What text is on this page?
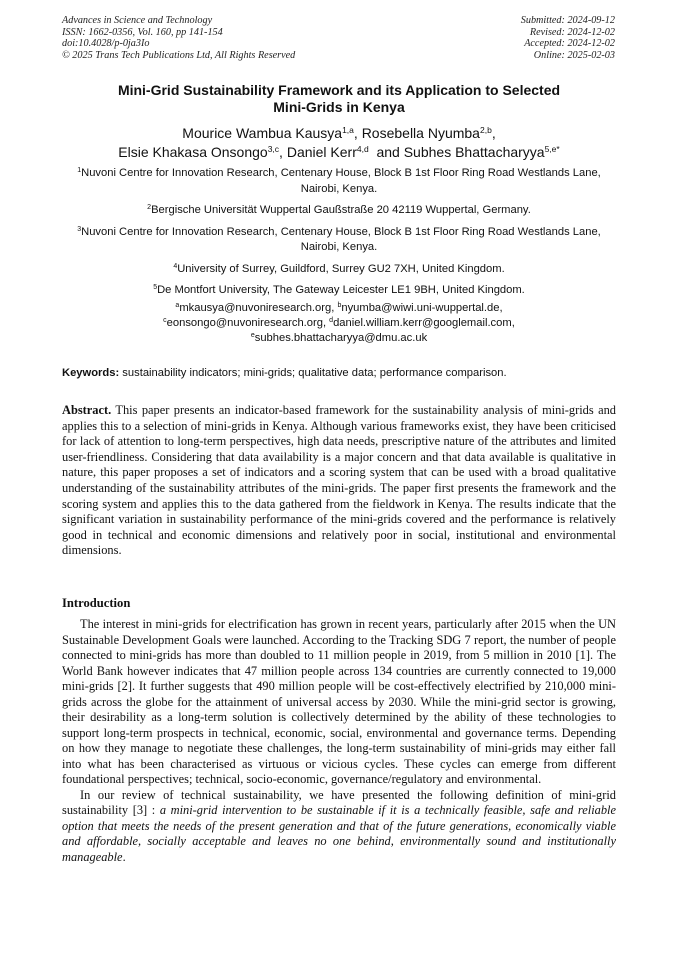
Advances in Science and Technology
ISSN: 1662-0356, Vol. 160, pp 141-154
doi:10.4028/p-0ja3Io
© 2025 Trans Tech Publications Ltd, All Rights Reserved
Submitted: 2024-09-12
Revised: 2024-12-02
Accepted: 2024-12-02
Online: 2025-02-03
Mini-Grid Sustainability Framework and its Application to Selected
Mini-Grids in Kenya
Mourice Wambua Kausya$^{1,a}$, Rosebella Nyumba$^{2,b}$,
Elsie Khakasa Onsongo$^{3,c}$, Daniel Kerr$^{4,d}$  and Subhes Bhattacharyya$^{5,e*}$
$^1$Nuvoni Centre for Innovation Research, Centenary House, Block B 1st Floor Ring Road Westlands Lane, Nairobi, Kenya.
$^2$Bergische Universität Wuppertal Gaußstraße 20 42119 Wuppertal, Germany.
$^3$Nuvoni Centre for Innovation Research, Centenary House, Block B 1st Floor Ring Road Westlands Lane, Nairobi, Kenya.
$^4$University of Surrey, Guildford, Surrey GU2 7XH, United Kingdom.
$^5$De Montfort University, The Gateway Leicester LE1 9BH, United Kingdom.
$^a$mkausya@nuvoniresearch.org, $^b$nyumba@wiwi.uni-wuppertal.de,
$^c$eonsongo@nuvoniresearch.org, $^d$daniel.william.kerr@googlemail.com,
$^e$subhes.bhattacharyya@dmu.ac.uk
Keywords: sustainability indicators; mini-grids; qualitative data; performance comparison.
Abstract. This paper presents an indicator-based framework for the sustainability analysis of mini-grids and applies this to a selection of mini-grids in Kenya. Although various frameworks exist, they have been criticised for lack of attention to long-term perspectives, high data needs, prescriptive nature of the attributes and limited user-friendliness. Considering that data availability is a major concern and that data available is qualitative in nature, this paper proposes a set of indicators and a scoring system that can be used with a broad qualitative understanding of the sustainability attributes of the mini-grids. The paper first presents the framework and the scoring system and applies this to the data gathered from the fieldwork in Kenya. The results indicate that the significant variation in sustainability performance of the mini-grids covered and the performance is relatively good in technical and economic dimensions and relatively poor in social, institutional and environmental dimensions.
Introduction

The interest in mini-grids for electrification has grown in recent years, particularly after 2015 when the UN Sustainable Development Goals were launched. According to the Tracking SDG 7 report, the number of people connected to mini-grids has more than doubled to 11 million people in 2019, from 5 million in 2010 [1]. The World Bank however indicates that 47 million people across 134 countries are currently connected to 19,000 mini-grids [2]. It further suggests that 490 million people will be cost-effectively electrified by 210,000 mini-grids across the globe for the attainment of universal access by 2030. While the mini-grid sector is growing, their desirability as a long-term solution is collectively determined by the ability of these technologies to support long-term prospects in technical, economic, social, environmental and governance terms. Depending on how they manage to negotiate these challenges, the long-term sustainability of mini-grids may either fall into what has been characterised as virtuous or vicious cycles. These cycles can emerge from different foundational perspectives; technical, socio-economic, governance/regulatory and environmental.

In our review of technical sustainability, we have presented the following definition of mini-grid sustainability [3] : a mini-grid intervention to be sustainable if it is a technically feasible, safe and reliable option that meets the needs of the present generation and that of the future generations, economically viable and affordable, socially acceptable and leaves no one behind, environmentally sound and institutionally manageable.
